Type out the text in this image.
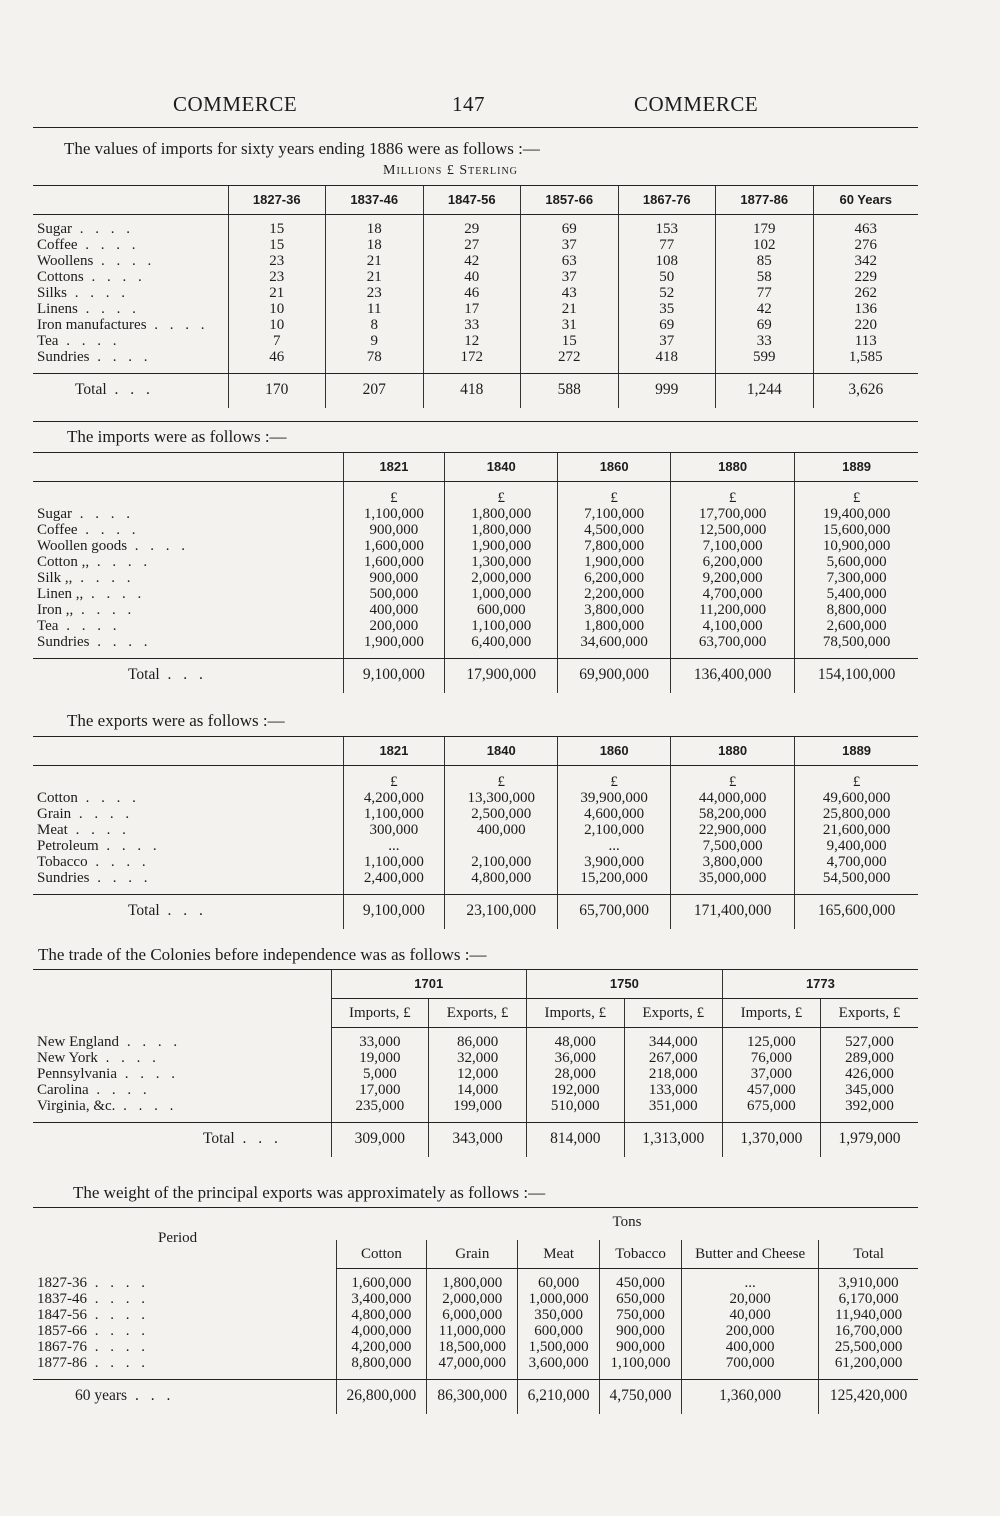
COMMERCE	147	COMMERCE
The values of imports for sixty years ending 1886 were as follows :—
Millions £ Sterling
	1827-36	1837-46	1847-56	1857-66	1867-76	1877-86	60 Years
Sugar . . . .	15	18	29	69	153	179	463
Coffee . . . .	15	18	27	37	77	102	276
Woollens . . . .	23	21	42	63	108	85	342
Cottons . . . .	23	21	40	37	50	58	229
Silks . . . .	21	23	46	43	52	77	262
Linens . . . .	10	11	17	21	35	42	136
Iron manufactures . . . .	10	8	33	31	69	69	220
Tea . . . .	7	9	12	15	37	33	113
Sundries . . . .	46	78	172	272	418	599	1,585
Total . . .	170	207	418	588	999	1,244	3,626
The imports were as follows :—
	1821	1840	1860	1880	1889
	£	£	£	£	£
Sugar . . . .	1,100,000	1,800,000	7,100,000	17,700,000	19,400,000
Coffee . . . .	900,000	1,800,000	4,500,000	12,500,000	15,600,000
Woollen goods . . . .	1,600,000	1,900,000	7,800,000	7,100,000	10,900,000
Cotton ,, . . . .	1,600,000	1,300,000	1,900,000	6,200,000	5,600,000
Silk ,, . . . .	900,000	2,000,000	6,200,000	9,200,000	7,300,000
Linen ,, . . . .	500,000	1,000,000	2,200,000	4,700,000	5,400,000
Iron ,, . . . .	400,000	600,000	3,800,000	11,200,000	8,800,000
Tea . . . .	200,000	1,100,000	1,800,000	4,100,000	2,600,000
Sundries . . . .	1,900,000	6,400,000	34,600,000	63,700,000	78,500,000
Total . . .	9,100,000	17,900,000	69,900,000	136,400,000	154,100,000
The exports were as follows :—
	1821	1840	1860	1880	1889
	£	£	£	£	£
Cotton . . . .	4,200,000	13,300,000	39,900,000	44,000,000	49,600,000
Grain . . . .	1,100,000	2,500,000	4,600,000	58,200,000	25,800,000
Meat . . . .	300,000	400,000	2,100,000	22,900,000	21,600,000
Petroleum . . . .	...		...	7,500,000	9,400,000
Tobacco . . . .	1,100,000	2,100,000	3,900,000	3,800,000	4,700,000
Sundries . . . .	2,400,000	4,800,000	15,200,000	35,000,000	54,500,000
Total . . .	9,100,000	23,100,000	65,700,000	171,400,000	165,600,000
The trade of the Colonies before independence was as follows :—
	1701		1750		1773	
	Imports, £	Exports, £	Imports, £	Exports, £	Imports, £	Exports, £
New England . . . .	33,000	86,000	48,000	344,000	125,000	527,000
New York . . . .	19,000	32,000	36,000	267,000	76,000	289,000
Pennsylvania . . . .	5,000	12,000	28,000	218,000	37,000	426,000
Carolina . . . .	17,000	14,000	192,000	133,000	457,000	345,000
Virginia, &c. . . . .	235,000	199,000	510,000	351,000	675,000	392,000
Total . . .	309,000	343,000	814,000	1,313,000	1,370,000	1,979,000
The weight of the principal exports was approximately as follows :—
Period	Tons					
	Cotton	Grain	Meat	Tobacco	Butter and Cheese	Total
1827-36 . . . .	1,600,000	1,800,000	60,000	450,000	...	3,910,000
1837-46 . . . .	3,400,000	2,000,000	1,000,000	650,000	20,000	6,170,000
1847-56 . . . .	4,800,000	6,000,000	350,000	750,000	40,000	11,940,000
1857-66 . . . .	4,000,000	11,000,000	600,000	900,000	200,000	16,700,000
1867-76 . . . .	4,200,000	18,500,000	1,500,000	900,000	400,000	25,500,000
1877-86 . . . .	8,800,000	47,000,000	3,600,000	1,100,000	700,000	61,200,000
60 years . . .	26,800,000	86,300,000	6,210,000	4,750,000	1,360,000	125,420,000
